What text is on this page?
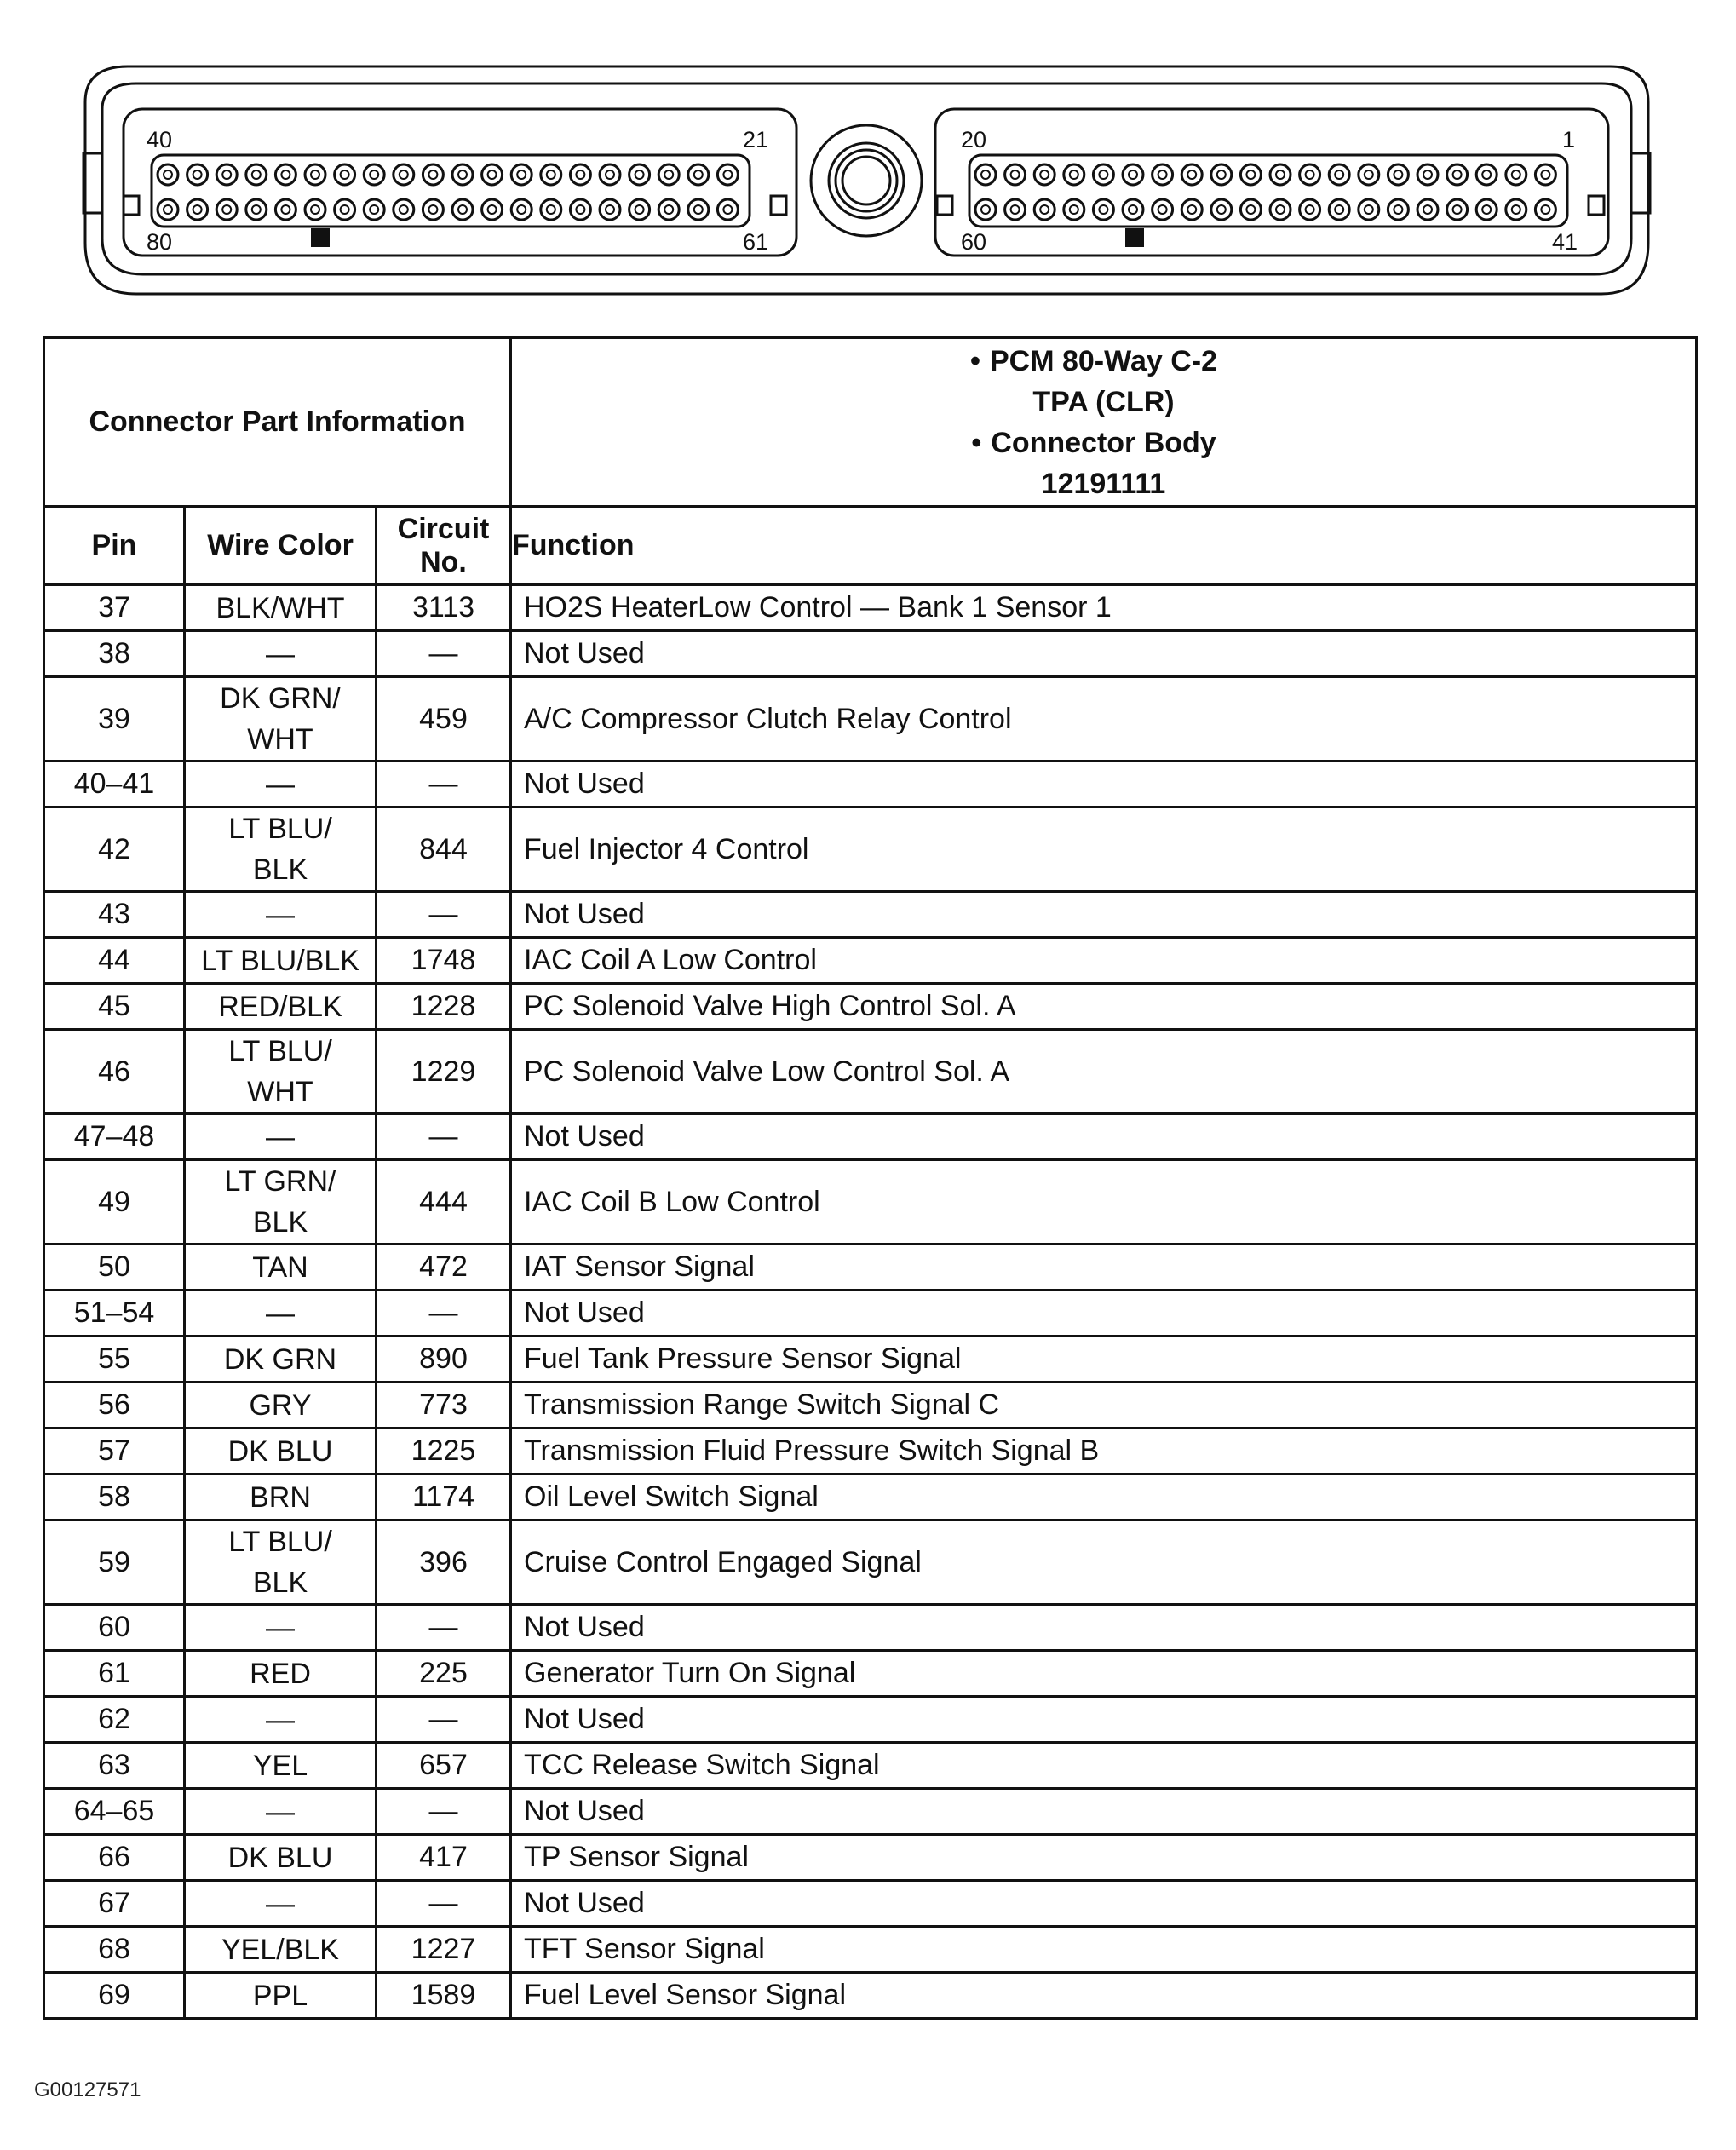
40	21
80	61
20	1
60	41
Connector Part Information			• PCM 80-Way C-2
TPA (CLR)
• Connector Body
12191111

Pin	Wire Color	Circuit
No.	Function
37	BLK/WHT	3113	HO2S HeaterLow Control — Bank 1 Sensor 1
38	—	—	Not Used
39	DK GRN/
WHT	459	A/C Compressor Clutch Relay Control
40–41	—	—	Not Used
42	LT BLU/
BLK	844	Fuel Injector 4 Control
43	—	—	Not Used
44	LT BLU/BLK	1748	IAC Coil A Low Control
45	RED/BLK	1228	PC Solenoid Valve High Control Sol. A
46	LT BLU/
WHT	1229	PC Solenoid Valve Low Control Sol. A
47–48	—	—	Not Used
49	LT GRN/
BLK	444	IAC Coil B Low Control
50	TAN	472	IAT Sensor Signal
51–54	—	—	Not Used
55	DK GRN	890	Fuel Tank Pressure Sensor Signal
56	GRY	773	Transmission Range Switch Signal C
57	DK BLU	1225	Transmission Fluid Pressure Switch Signal B
58	BRN	1174	Oil Level Switch Signal
59	LT BLU/
BLK	396	Cruise Control Engaged Signal
60	—	—	Not Used
61	RED	225	Generator Turn On Signal
62	—	—	Not Used
63	YEL	657	TCC Release Switch Signal
64–65	—	—	Not Used
66	DK BLU	417	TP Sensor Signal
67	—	—	Not Used
68	YEL/BLK	1227	TFT Sensor Signal
69	PPL	1589	Fuel Level Sensor Signal
G00127571
